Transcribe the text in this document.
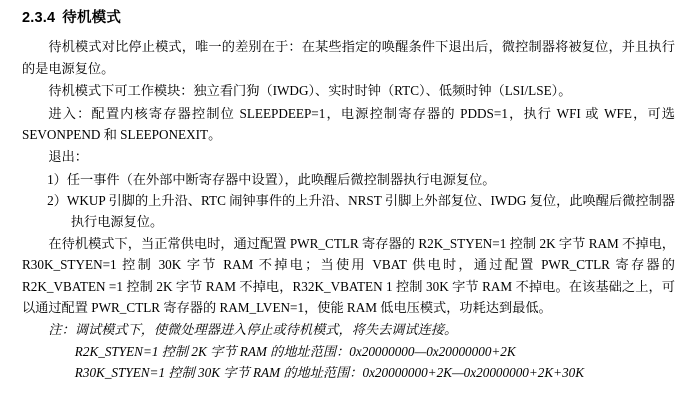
2.3.4 待机模式

待机模式对比停止模式，唯一的差别在于：在某些指定的唤醒条件下退出后，微控制器将被复位，并且执行的是电源复位。

待机模式下可工作模块：独立看门狗（IWDG）、实时时钟（RTC）、低频时钟（LSI/LSE）。

进入：配置内核寄存器控制位 SLEEPDEEP=1，电源控制寄存器的 PDDS=1，执行 WFI 或 WFE，可选 SEVONPEND 和 SLEEPONEXIT。

退出：

1）任一事件（在外部中断寄存器中设置），此唤醒后微控制器执行电源复位。

2）WKUP 引脚的上升沿、RTC 闹钟事件的上升沿、NRST 引脚上外部复位、IWDG 复位，此唤醒后微控制器执行电源复位。

在待机模式下，当正常供电时，通过配置 PWR_CTLR 寄存器的 R2K_STYEN=1 控制 2K 字节 RAM 不掉电，R30K_STYEN=1 控制 30K 字节 RAM 不掉电；当使用 VBAT 供电时，通过配置 PWR_CTLR 寄存器的 R2K_VBATEN =1 控制 2K 字节 RAM 不掉电，R32K_VBATEN 1 控制 30K 字节 RAM 不掉电。在该基础之上，可以通过配置 PWR_CTLR 寄存器的 RAM_LVEN=1，使能 RAM 低电压模式，功耗达到最低。

注：调试模式下，使微处理器进入停止或待机模式，将失去调试连接。

R2K_STYEN=1 控制 2K 字节 RAM 的地址范围：0x20000000—0x20000000+2K

R30K_STYEN=1 控制 30K 字节 RAM 的地址范围：0x20000000+2K—0x20000000+2K+30K
